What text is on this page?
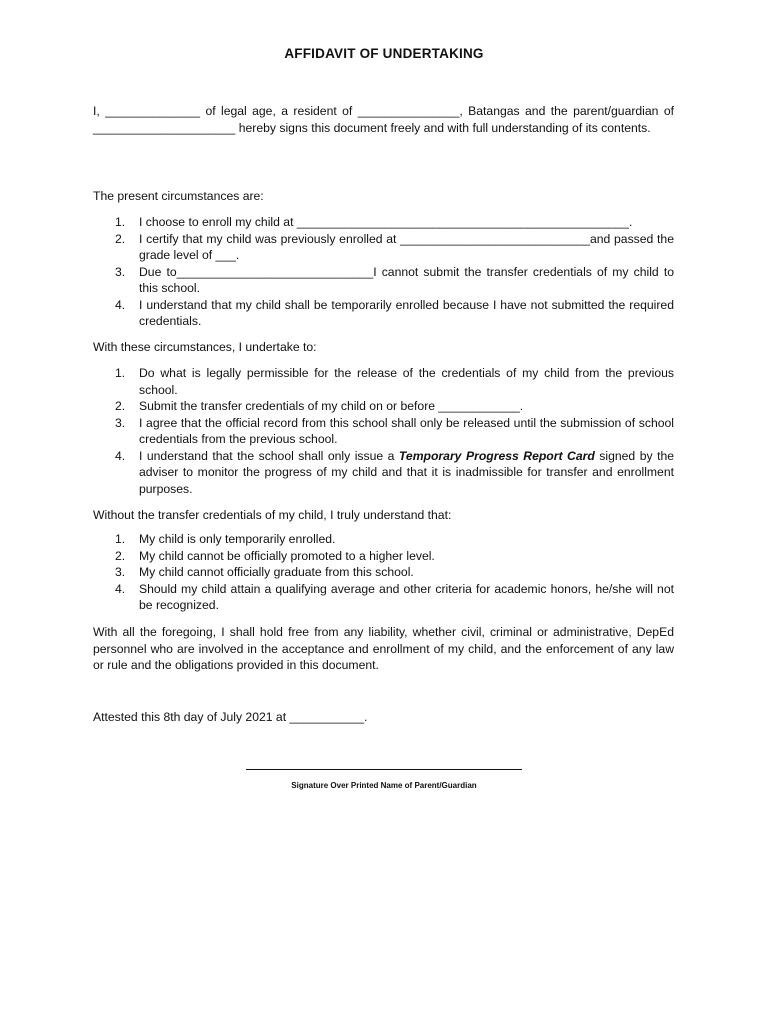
AFFIDAVIT OF UNDERTAKING
I, ______________ of legal age, a resident of _______________, Batangas and the parent/guardian of _____________________ hereby signs this document freely and with full understanding of its contents.
The present circumstances are:
1. I choose to enroll my child at _________________________________________________.
2. I certify that my child was previously enrolled at ____________________________and passed the grade level of ___.
3. Due to_____________________________I cannot submit the transfer credentials of my child to this school.
4. I understand that my child shall be temporarily enrolled because I have not submitted the required credentials.
With these circumstances, I undertake to:
1. Do what is legally permissible for the release of the credentials of my child from the previous school.
2. Submit the transfer credentials of my child on or before ____________.
3. I agree that the official record from this school shall only be released until the submission of school credentials from the previous school.
4. I understand that the school shall only issue a Temporary Progress Report Card signed by the adviser to monitor the progress of my child and that it is inadmissible for transfer and enrollment purposes.
Without the transfer credentials of my child, I truly understand that:
1. My child is only temporarily enrolled.
2. My child cannot be officially promoted to a higher level.
3. My child cannot officially graduate from this school.
4. Should my child attain a qualifying average and other criteria for academic honors, he/she will not be recognized.
With all the foregoing, I shall hold free from any liability, whether civil, criminal or administrative, DepEd personnel who are involved in the acceptance and enrollment of my child, and the enforcement of any law or rule and the obligations provided in this document.
Attested this 8th day of July 2021 at ___________.
Signature Over Printed Name of Parent/Guardian
